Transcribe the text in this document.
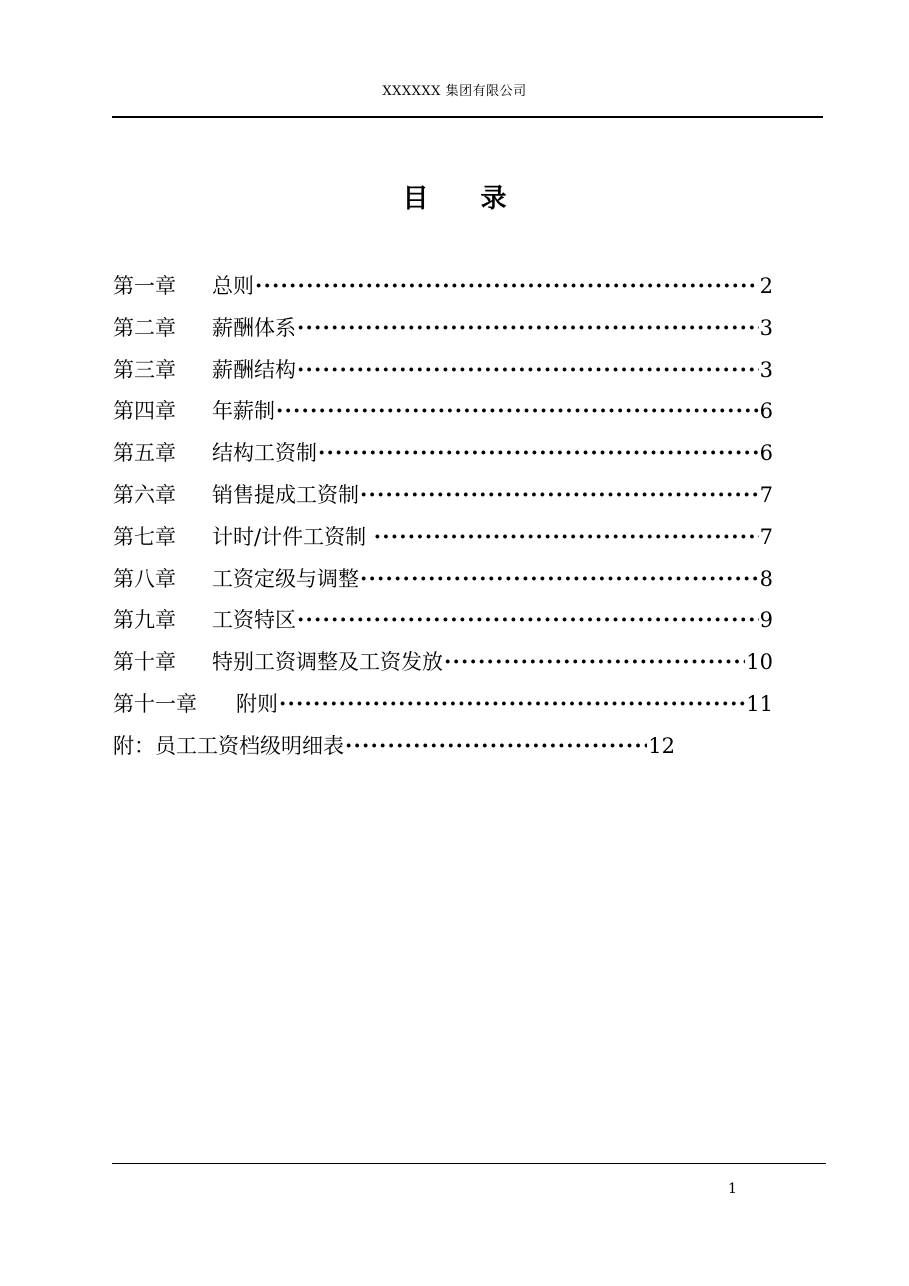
XXXXXX 集团有限公司
目 录
第一章	总则 ·····	2
第二章	薪酬体系 ·····	3
第三章	薪酬结构 ·····	3
第四章	年薪制 ·····	6
第五章	结构工资制 ·····	6
第六章	销售提成工资制 ·····	7
第七章	计时/计件工资制 ·····	7
第八章	工资定级与调整 ·····	8
第九章	工资特区 ·····	9
第十章	特别工资调整及工资发放 ·····	10
第十一章	附则 ·····	11
附：员工工资档级明细表 ·····	12
1
